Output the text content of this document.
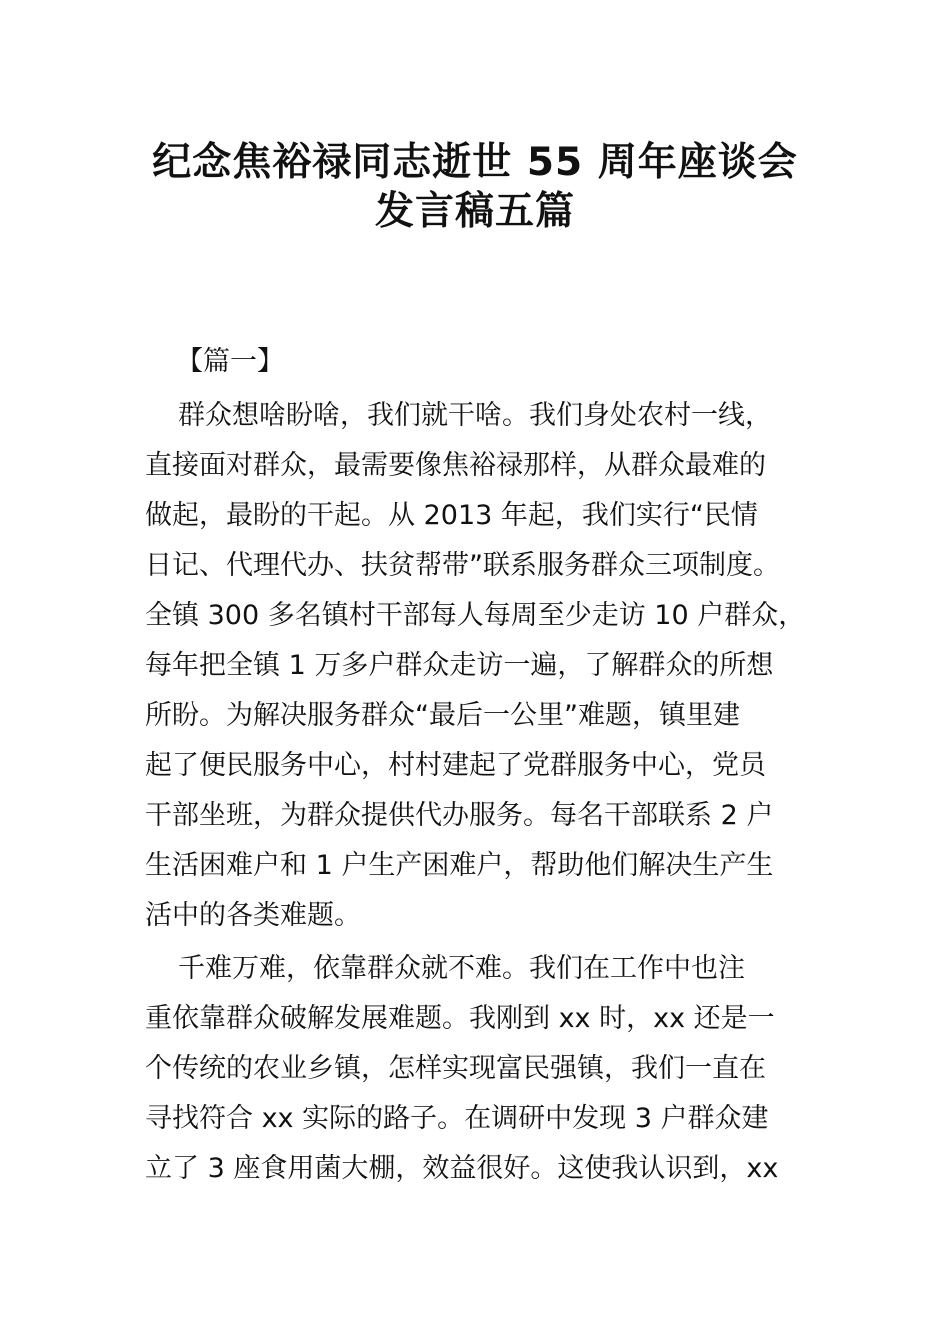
纪念焦裕禄同志逝世 55 周年座谈会
发言稿五篇
【篇一】
群众想啥盼啥，我们就干啥。我们身处农村一线，
直接面对群众，最需要像焦裕禄那样，从群众最难的
做起，最盼的干起。从 2013 年起，我们实行“民情
日记、代理代办、扶贫帮带”联系服务群众三项制度。
全镇 300 多名镇村干部每人每周至少走访 10 户群众，
每年把全镇 1 万多户群众走访一遍，了解群众的所想
所盼。为解决服务群众“最后一公里”难题，镇里建
起了便民服务中心，村村建起了党群服务中心，党员
干部坐班，为群众提供代办服务。每名干部联系 2 户
生活困难户和 1 户生产困难户，帮助他们解决生产生
活中的各类难题。
千难万难，依靠群众就不难。我们在工作中也注
重依靠群众破解发展难题。我刚到 xx 时，xx 还是一
个传统的农业乡镇，怎样实现富民强镇，我们一直在
寻找符合 xx 实际的路子。在调研中发现 3 户群众建
立了 3 座食用菌大棚，效益很好。这使我认识到，xx
